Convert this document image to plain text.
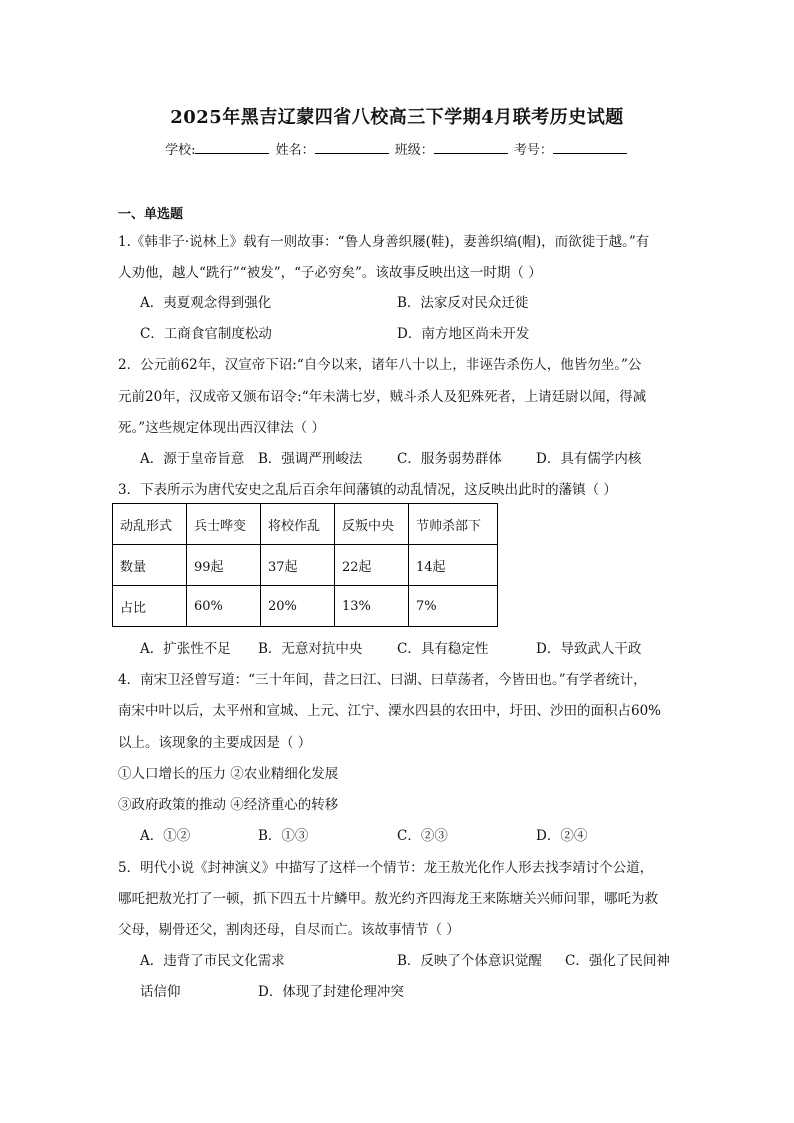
2025年黑吉辽蒙四省八校高三下学期4月联考历史试题
学校:	姓名：	班级：	考号：
一、单选题
1.《韩非子·说林上》载有一则故事：“鲁人身善织屦(鞋)，妻善织缟(帽)，而欲徙于越。”有
人劝他，越人“跣行”“被发”，“子必穷矣”。该故事反映出这一时期（ ）
A．夷夏观念得到强化	B．法家反对民众迁徙
C．工商食官制度松动	D．南方地区尚未开发
2．公元前62年，汉宣帝下诏:“自今以来，诸年八十以上，非诬告杀伤人，他皆勿坐。”公
元前20年，汉成帝又颁布诏令:“年未满七岁，贼斗杀人及犯殊死者，上请廷尉以闻，得减
死。”这些规定体现出西汉律法（ ）
A．源于皇帝旨意 B．强调严刑峻法	C．服务弱势群体	D．具有儒学内核
3．下表所示为唐代安史之乱后百余年间藩镇的动乱情况，这反映出此时的藩镇（ ）
动乱形式	兵士哗变	将校作乱	反叛中央	节帅杀部下
数量	99起	37起	22起	14起
占比	60%	20%	13%	7%
A．扩张性不足 B．无意对抗中央	C．具有稳定性	D．导致武人干政
4．南宋卫泾曾写道：“三十年间，昔之曰江、曰湖、曰草荡者，今皆田也。”有学者统计，
南宋中叶以后，太平州和宣城、上元、江宁、溧水四县的农田中，圩田、沙田的面积占60%
以上。该现象的主要成因是（ ）
①人口增长的压力 ②农业精细化发展
③政府政策的推动 ④经济重心的转移
A．①②	B．①③	C．②③	D．②④
5．明代小说《封神演义》中描写了这样一个情节：龙王敖光化作人形去找李靖讨个公道，
哪吒把敖光打了一顿，抓下四五十片鳞甲。敖光约齐四海龙王来陈塘关兴师问罪，哪吒为救
父母，剔骨还父，割肉还母，自尽而亡。该故事情节（ ）
A．违背了市民文化需求	B．反映了个体意识觉醒 C．强化了民间神
话信仰	D．体现了封建伦理冲突
